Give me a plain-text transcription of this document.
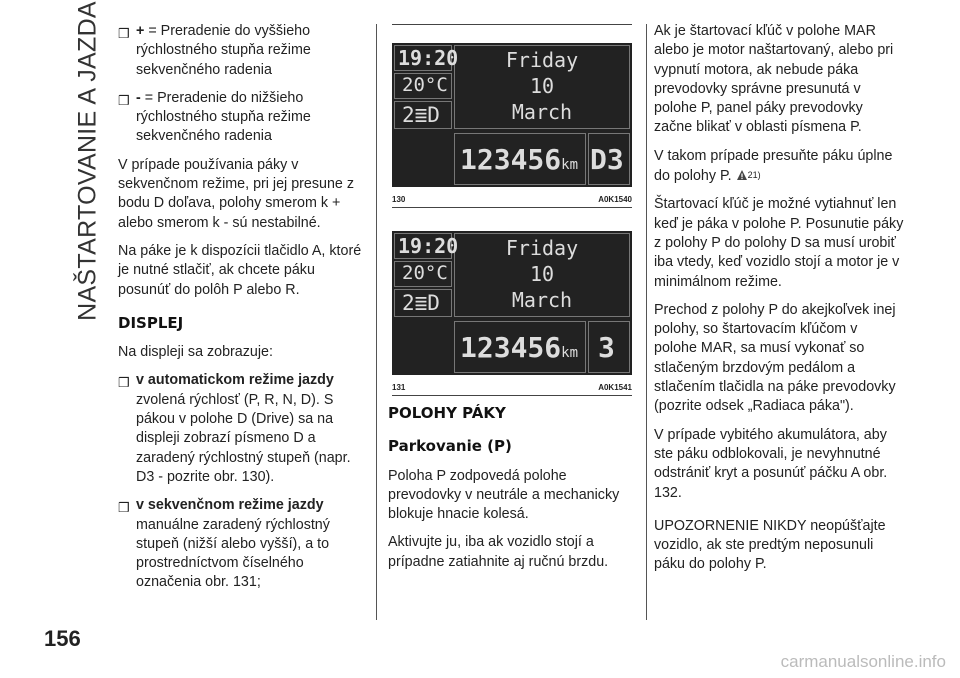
NAŠTARTOVANIE A JAZDA
156
❒ + = Preradenie do vyššieho rýchlostného stupňa režime sekvenčného radenia
❒ - = Preradenie do nižšieho rýchlostného stupňa režime sekvenčného radenia

V prípade používania páky v sekvenčnom režime, pri jej presune z bodu D doľava, polohy smerom k + alebo smerom k - sú nestabilné.

Na páke je k dispozícii tlačidlo A, ktoré je nutné stlačiť, ak chcete páku posunúť do polôh P alebo R.

DISPLEJ

Na displeji sa zobrazuje:

❒ v automatickom režime jazdy
zvolená rýchlosť (P, R, N, D). S pákou v polohe D (Drive) sa na displeji zobrazí písmeno D a zaradený rýchlostný stupeň (napr. D3 - pozrite obr. 130).
❒ v sekvenčnom režime jazdy
manuálne zaradený rýchlostný stupeň (nižší alebo vyšší), a to prostredníctvom číselného označenia obr. 131;
19:20
20°C
2≣D
Friday
10
March
123456km D3
130	A0K1540
19:20
20°C
2≣D
Friday
10
March
123456km 3
131	A0K1541
POLOHY PÁKY
Parkovanie (P)

Poloha P zodpovedá polohe prevodovky v neutrále a mechanicky blokuje hnacie kolesá.

Aktivujte ju, iba ak vozidlo stojí a prípadne zatiahnite aj ručnú brzdu.

Ak je štartovací kľúč v polohe MAR alebo je motor naštartovaný, alebo pri vypnutí motora, ak nebude páka prevodovky správne presunutá v polohe P, panel páky prevodovky začne blikať v oblasti písmena P.

V takom prípade presuňte páku úplne do polohy P. $^{21)}$

Štartovací kľúč je možné vytiahnuť len keď je páka v polohe P. Posunutie páky z polohy P do polohy D sa musí urobiť iba vtedy, keď vozidlo stojí a motor je v minimálnom režime.

Prechod z polohy P do akejkoľvek inej polohy, so štartovacím kľúčom v polohe MAR, sa musí vykonať so stlačeným brzdovým pedálom a stlačením tlačidla na páke prevodovky (pozrite odsek „Radiaca páka").

V prípade vybitého akumulátora, aby ste páku odblokovali, je nevyhnutné odstrániť kryt a posunúť páčku A obr. 132.

UPOZORNENIE NIKDY neopúšťajte vozidlo, ak ste predtým neposunuli páku do polohy P.

carmanualsonline.info
